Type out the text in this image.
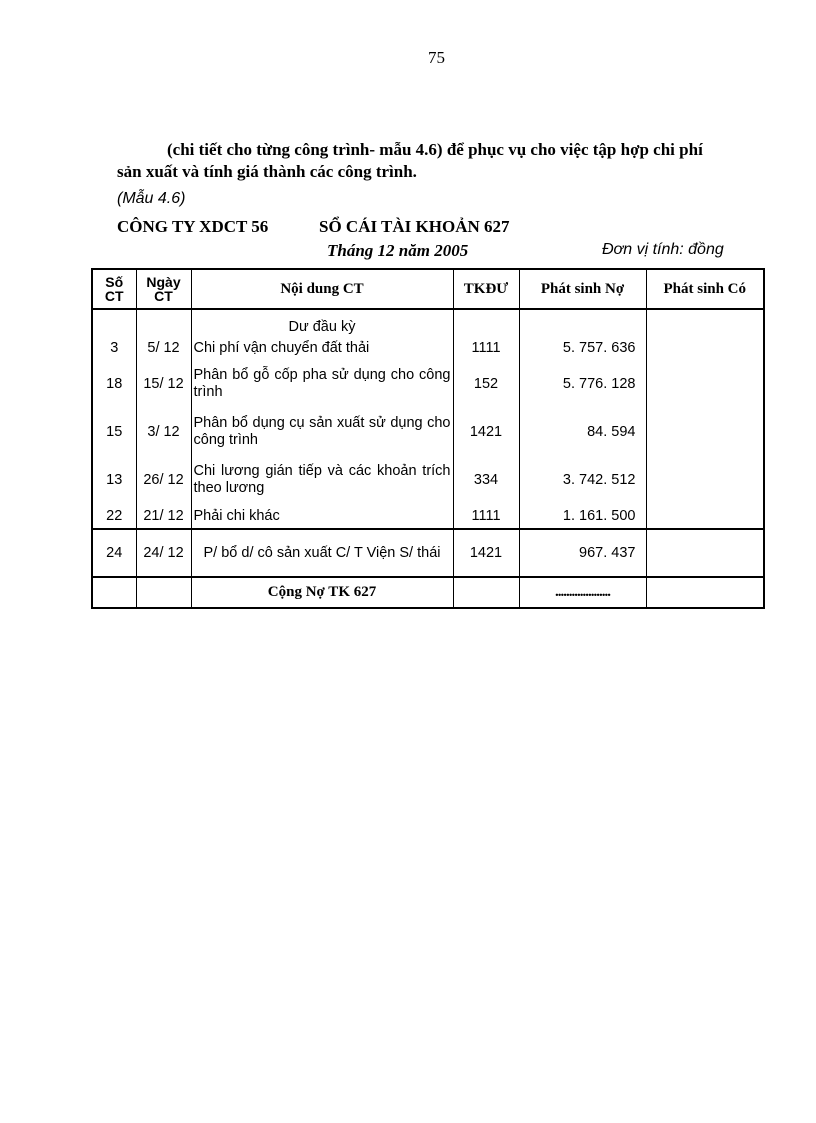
75
(chi tiết cho từng công trình- mẫu 4.6) để phục vụ cho việc tập hợp chi phí
sản xuất và tính giá thành các công trình.
(Mẫu 4.6)
CÔNG TY XDCT 56	SỔ CÁI TÀI KHOẢN 627
Tháng 12 năm 2005	Đơn vị tính: đồng
Số CT	Ngày CT	Nội dung CT	TKĐƯ	Phát sinh Nợ	Phát sinh Có
		Dư đầu kỳ			
3	5/ 12	Chi phí vận chuyển đất thải	1111	5. 757. 636	
18	15/ 12	Phân bổ gỗ cốp pha sử dụng cho công trình	152	5. 776. 128	
15	3/ 12	Phân bổ dụng cụ sản xuất sử dụng cho công trình	1421	84. 594	
13	26/ 12	Chi lương gián tiếp và các khoản trích theo lương	334	3. 742. 512	
22	21/ 12	Phải chi khác	1111	1. 161. 500	
24	24/ 12	P/ bổ d/ cô sản xuất C/ T Viện S/ thái	1421	967. 437	
		Cộng Nợ TK 627		....................	
